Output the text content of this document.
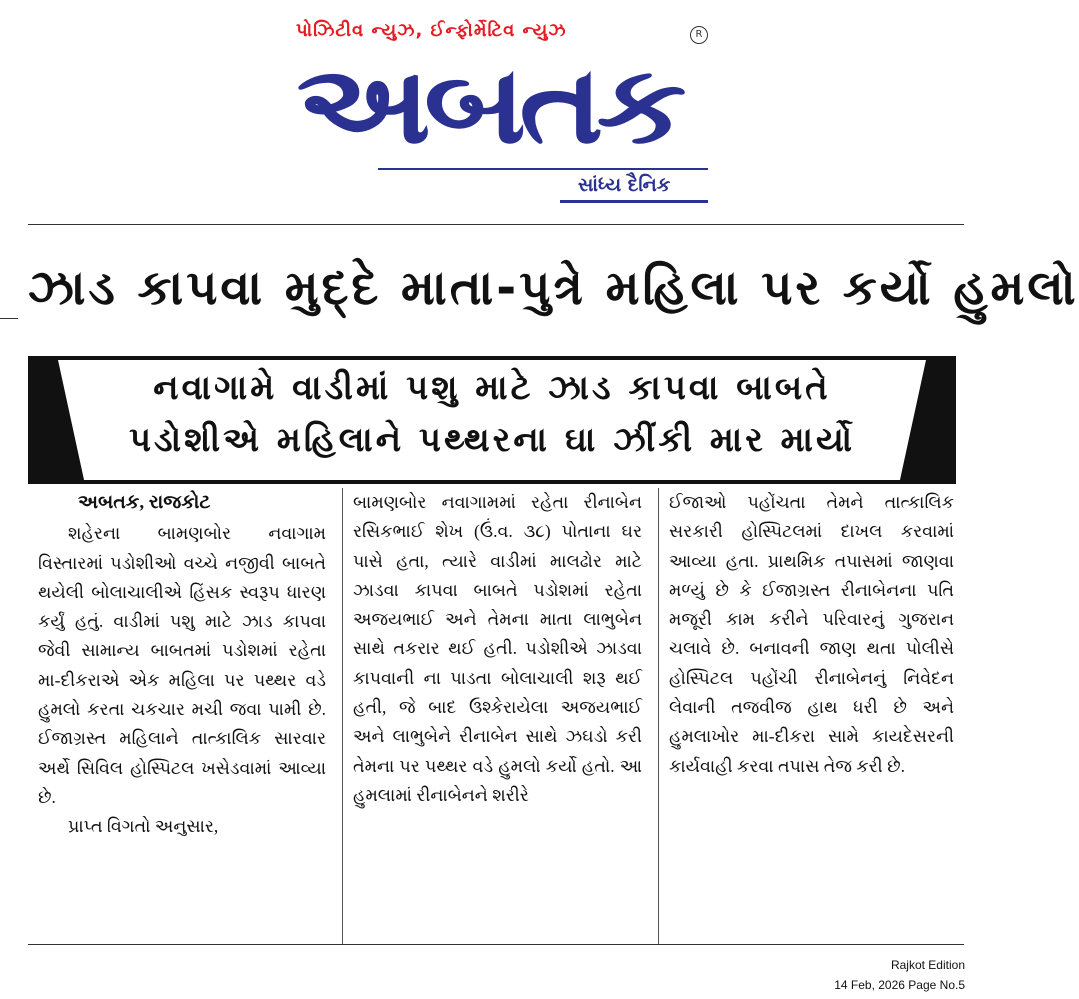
પોઝિટીવ ન્યુઝ, ઈન્ફોર્મેટિવ ન્યુઝ	R
અબતક
સાંધ્ય દૈનિક
ઝાડ કાપવા મુદ્દે માતા-પુત્રે મહિલા પર કર્યો હુમલો
નવાગામે વાડીમાં પશુ માટે ઝાડ કાપવા બાબતે
પડોશીએ મહિલાને પથ્થરના ઘા ઝીંકી માર માર્યો
અબતક, રાજકોટ

શહેરના બામણબોર નવાગામ વિસ્તારમાં પડોશીઓ વચ્ચે નજીવી બાબતે થયેલી બોલાચાલીએ હિંસક સ્વરૂપ ધારણ કર્યું હતું. વાડીમાં પશુ માટે ઝાડ કાપવા જેવી સામાન્ય બાબતમાં પડોશમાં રહેતા મા-દીકરાએ એક મહિલા પર પથ્થર વડે હુમલો કરતા ચકચાર મચી જવા પામી છે. ઈજાગ્રસ્ત મહિલાને તાત્કાલિક સારવાર અર્થે સિવિલ હોસ્પિટલ ખસેડવામાં આવ્યા છે.

પ્રાપ્ત વિગતો અનુસાર,

બામણબોર નવાગામમાં રહેતા રીનાબેન રસિકભાઈ શેખ (ઉં.વ. ૩૮) પોતાના ઘર પાસે હતા, ત્યારે વાડીમાં માલઢોર માટે ઝાડવા કાપવા બાબતે પડોશમાં રહેતા અજયભાઈ અને તેમના માતા લાભુબેન સાથે તકરાર થઈ હતી. પડોશીએ ઝાડવા કાપવાની ના પાડતા બોલાચાલી શરૂ થઈ હતી, જે બાદ ઉશ્કેરાયેલા અજયભાઈ અને લાભુબેને રીનાબેન સાથે ઝઘડો કરી તેમના પર પથ્થર વડે હુમલો કર્યો હતો. આ હુમલામાં રીનાબેનને શરીરે

ઈજાઓ પહોંચતા તેમને તાત્કાલિક સરકારી હોસ્પિટલમાં દાખલ કરવામાં આવ્યા હતા. પ્રાથમિક તપાસમાં જાણવા મળ્યું છે કે ઈજાગ્રસ્ત રીનાબેનના પતિ મજૂરી કામ કરીને પરિવારનું ગુજરાન ચલાવે છે. બનાવની જાણ થતા પોલીસે હોસ્પિટલ પહોંચી રીનાબેનનું નિવેદન લેવાની તજવીજ હાથ ધરી છે અને હુમલાખોર મા-દીકરા સામે કાયદેસરની કાર્યવાહી કરવા તપાસ તેજ કરી છે.

Rajkot Edition
14 Feb, 2026 Page No.5
